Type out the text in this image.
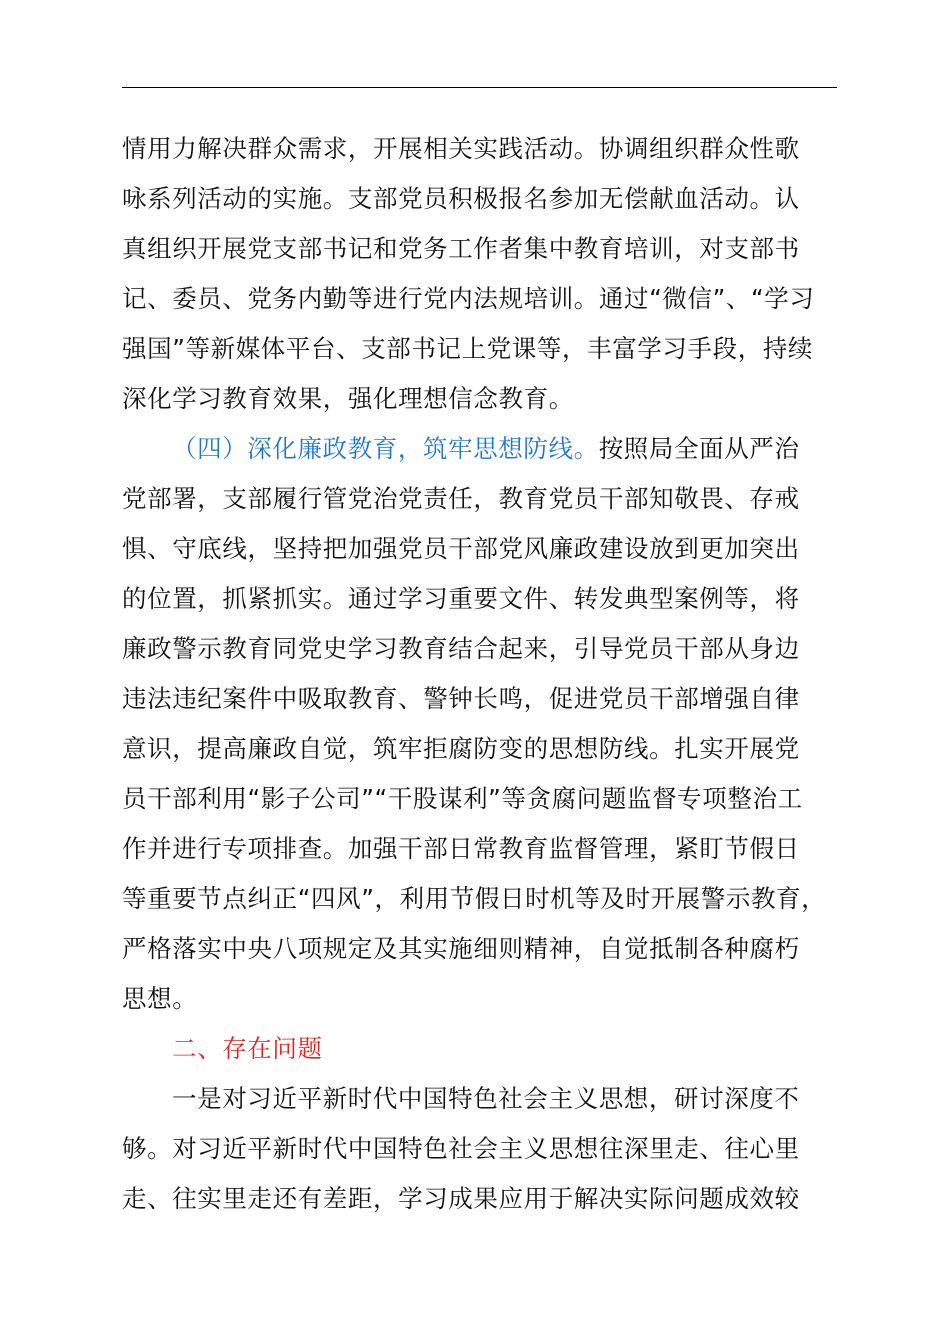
情用力解决群众需求，开展相关实践活动。协调组织群众性歌
咏系列活动的实施。支部党员积极报名参加无偿献血活动。认
真组织开展党支部书记和党务工作者集中教育培训，对支部书
记、委员、党务内勤等进行党内法规培训。通过“微信”、“学习
强国”等新媒体平台、支部书记上党课等，丰富学习手段，持续
深化学习教育效果，强化理想信念教育。
（四）深化廉政教育，筑牢思想防线。按照局全面从严治
党部署，支部履行管党治党责任，教育党员干部知敬畏、存戒
惧、守底线，坚持把加强党员干部党风廉政建设放到更加突出
的位置，抓紧抓实。通过学习重要文件、转发典型案例等，将
廉政警示教育同党史学习教育结合起来，引导党员干部从身边
违法违纪案件中吸取教育、警钟长鸣，促进党员干部增强自律
意识，提高廉政自觉，筑牢拒腐防变的思想防线。扎实开展党
员干部利用“影子公司”“干股谋利”等贪腐问题监督专项整治工
作并进行专项排查。加强干部日常教育监督管理，紧盯节假日
等重要节点纠正“四风”，利用节假日时机等及时开展警示教育，
严格落实中央八项规定及其实施细则精神，自觉抵制各种腐朽
思想。
二、存在问题
一是对习近平新时代中国特色社会主义思想，研讨深度不
够。对习近平新时代中国特色社会主义思想往深里走、往心里
走、往实里走还有差距，学习成果应用于解决实际问题成效较
